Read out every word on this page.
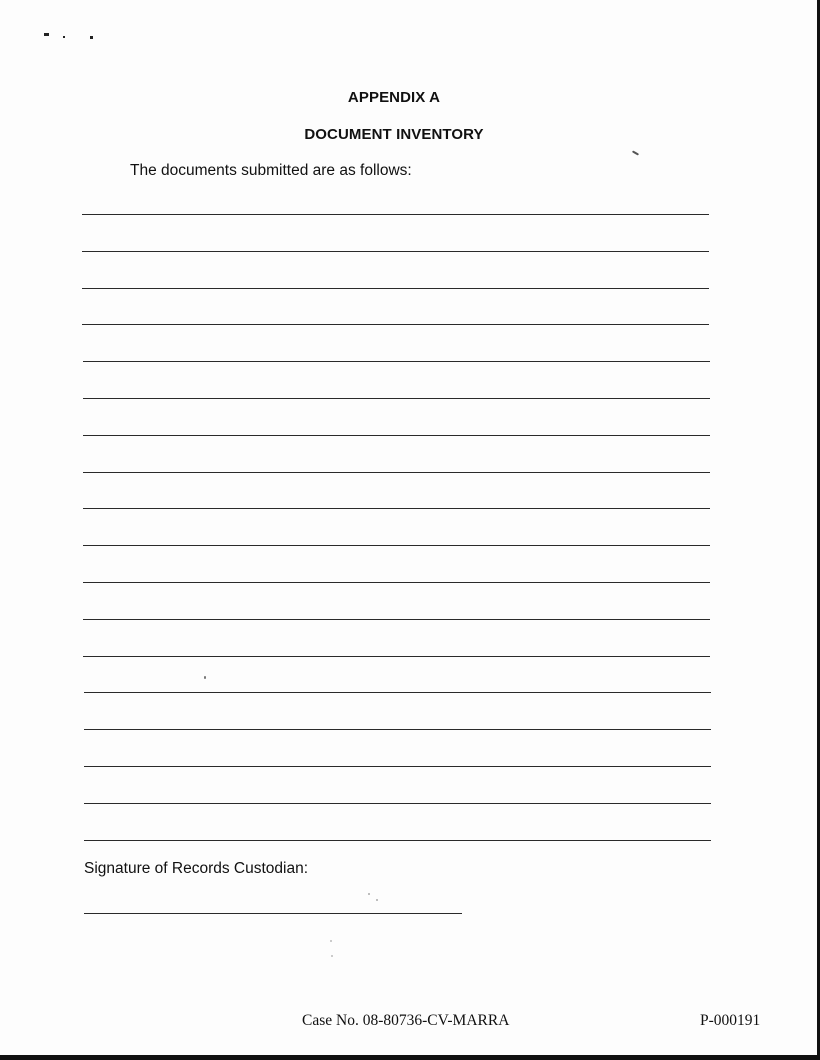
APPENDIX A
DOCUMENT INVENTORY
The documents submitted are as follows:
Signature of Records Custodian:
Case No. 08-80736-CV-MARRA	P-000191
